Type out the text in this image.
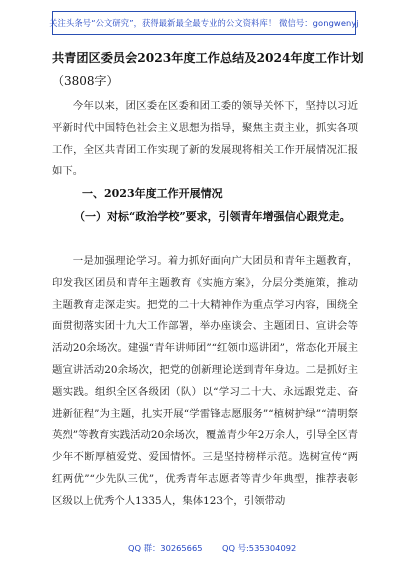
关注头条号“公文研究”，获得最新最全最专业的公文资料库！ 微信号：gongwenyj
共青团区委员会2023年度工作总结及2024年度工作计划
（3808字）
今年以来，团区委在区委和团工委的领导关怀下，坚持以习近平新时代中国特色社会主义思想为指导，聚焦主责主业，抓实各项工作，全区共青团工作实现了新的发展现将相关工作开展情况汇报如下。
一、2023年度工作开展情况
（一）对标“政治学校”要求，引领青年增强信心跟党走。
一是加强理论学习。着力抓好面向广大团员和青年主题教育，印发我区团员和青年主题教育《实施方案》，分层分类施策，推动主题教育走深走实。把党的二十大精神作为重点学习内容，围绕全面贯彻落实团十九大工作部署，举办座谈会、主题团日、宣讲会等活动20余场次。建强“青年讲师团”“红领巾巡讲团”，常态化开展主题宣讲活动20余场次，把党的创新理论送到青年身边。二是抓好主题实践。组织全区各级团（队）以“学习二十大、永远跟党走、奋进新征程”为主题，扎实开展“学雷锋志愿服务”“植树护绿”“清明祭英烈”等教育实践活动20余场次，覆盖青少年2万余人，引导全区青少年不断厚植爱党、爱国情怀。三是坚持榜样示范。选树宣传“两红两优”“少先队三优”，优秀青年志愿者等青少年典型，推荐表彰区级以上优秀个人1335人，集体123个，引领带动
QQ 群：30265665 QQ 号:535304092
